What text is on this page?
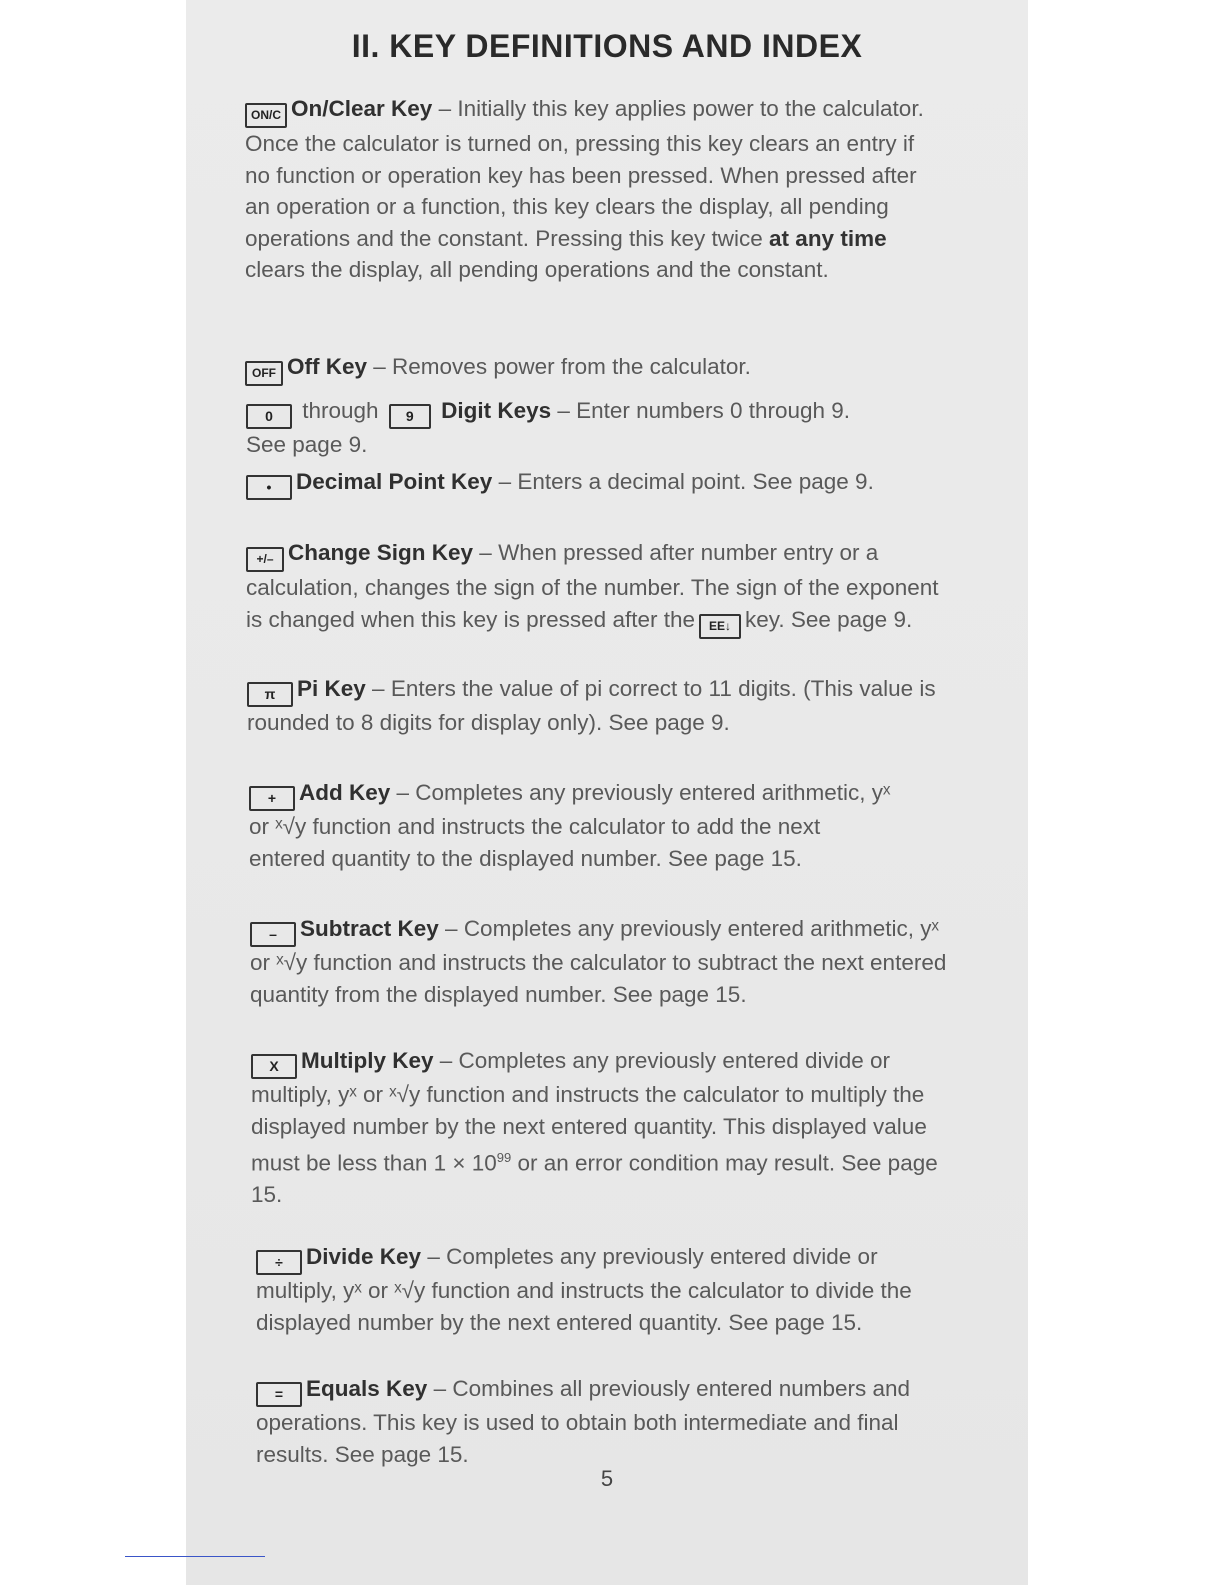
II. KEY DEFINITIONS AND INDEX
ON/C On/Clear Key – Initially this key applies power to the calculator. Once the calculator is turned on, pressing this key clears an entry if no function or operation key has been pressed. When pressed after an operation or a function, this key clears the display, all pending operations and the constant. Pressing this key twice at any time clears the display, all pending operations and the constant.
OFF Off Key – Removes power from the calculator.
0 through 9 Digit Keys – Enter numbers 0 through 9. See page 9.
• Decimal Point Key – Enters a decimal point. See page 9.
+/– Change Sign Key – When pressed after number entry or a calculation, changes the sign of the number. The sign of the exponent is changed when this key is pressed after the EE↓ key. See page 9.
π Pi Key – Enters the value of pi correct to 11 digits. (This value is rounded to 8 digits for display only). See page 9.
+ Add Key – Completes any previously entered arithmetic, yˣ or ˣ√y function and instructs the calculator to add the next entered quantity to the displayed number. See page 15.
– Subtract Key – Completes any previously entered arithmetic, yˣ or ˣ√y function and instructs the calculator to subtract the next entered quantity from the displayed number. See page 15.
X Multiply Key – Completes any previously entered divide or multiply, yˣ or ˣ√y function and instructs the calculator to multiply the displayed number by the next entered quantity. This displayed value must be less than $1 \times 10^{99}$ or an error condition may result. See page 15.
÷ Divide Key – Completes any previously entered divide or multiply, yˣ or ˣ√y function and instructs the calculator to divide the displayed number by the next entered quantity. See page 15.
= Equals Key – Combines all previously entered numbers and operations. This key is used to obtain both intermediate and final results. See page 15.
5
